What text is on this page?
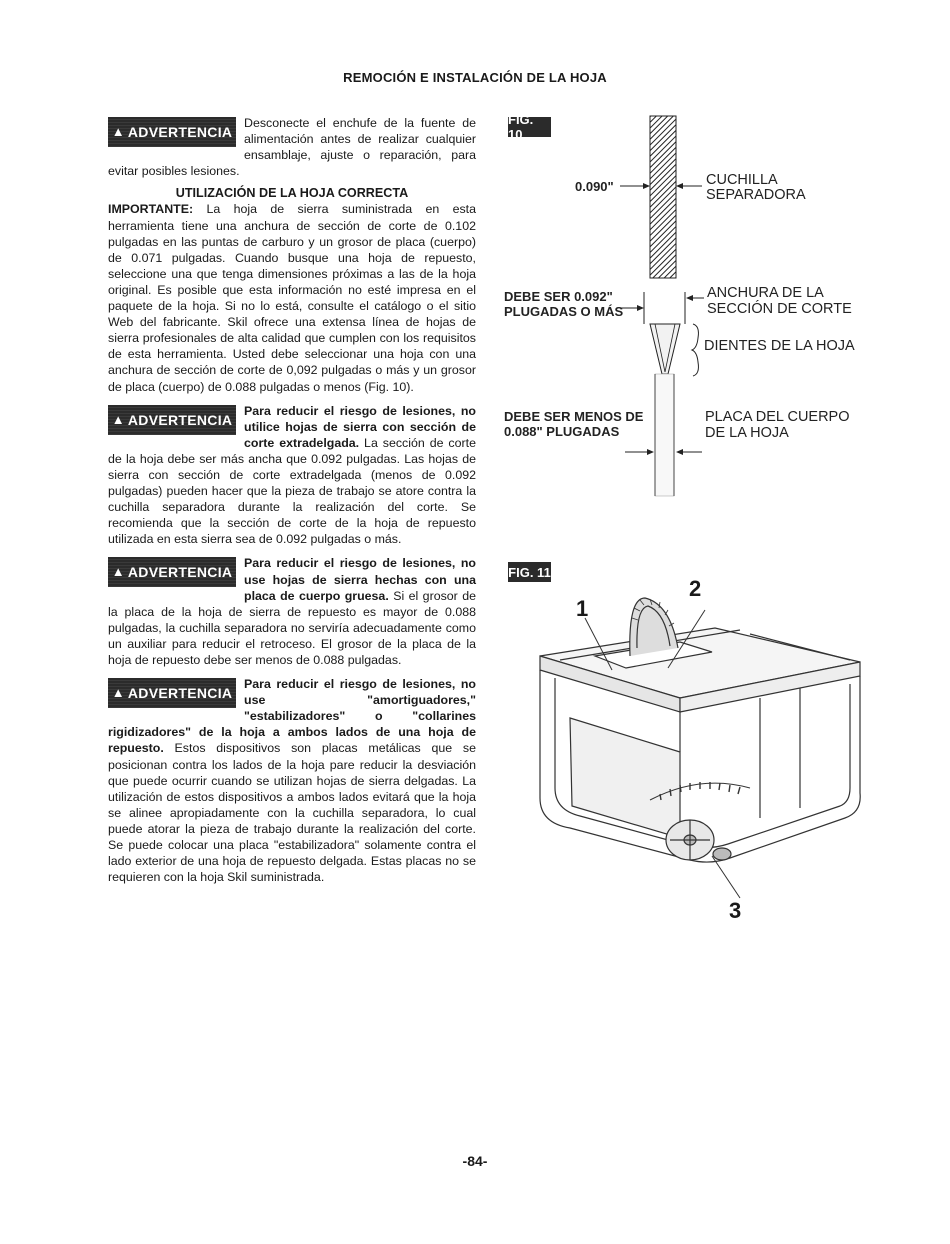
REMOCIÓN E INSTALACIÓN DE LA HOJA
▲ ADVERTENCIA
Desconecte el enchufe de la fuente de alimentación antes de realizar cualquier ensamblaje, ajuste o reparación, para evitar posibles lesiones.
UTILIZACIÓN DE LA HOJA CORRECTA

IMPORTANTE: La hoja de sierra suministrada en esta herramienta tiene una anchura de sección de corte de 0.102 pulgadas en las puntas de carburo y un grosor de placa (cuerpo) de 0.071 pulgadas. Cuando busque una hoja de repuesto, seleccione una que tenga dimensiones próximas a las de la hoja original. Es posible que esta información no esté impresa en el paquete de la hoja. Si no lo está, consulte el catálogo o el sitio Web del fabricante. Skil ofrece una extensa línea de hojas de sierra profesionales de alta calidad que cumplen con los requisitos de esta herramienta. Usted debe seleccionar una hoja con una anchura de sección de corte de 0,092 pulgadas o más y un grosor de placa (cuerpo) de 0.088 pulgadas o menos (Fig. 10).

▲ ADVERTENCIA
Para reducir el riesgo de lesiones, no utilice hojas de sierra con sección de corte extradelgada. La sección de corte de la hoja debe ser más ancha que 0.092 pulgadas. Las hojas de sierra con sección de corte extradelgada (menos de 0.092 pulgadas) pueden hacer que la pieza de trabajo se atore contra la cuchilla separadora durante la realización del corte. Se recomienda que la sección de corte de la hoja de repuesto utilizada en esta sierra sea de 0.092 pulgadas o más.
▲ ADVERTENCIA
Para reducir el riesgo de lesiones, no use hojas de sierra hechas con una placa de cuerpo gruesa. Si el grosor de la placa de la hoja de sierra de repuesto es mayor de 0.088 pulgadas, la cuchilla separadora no serviría adecuadamente como un auxiliar para reducir el retroceso. El grosor de la placa de la hoja de repuesto debe ser menos de 0.088 pulgadas.
▲ ADVERTENCIA
Para reducir el riesgo de lesiones, no use "amortiguadores," "estabilizadores" o "collarines rigidizadores" de la hoja a ambos lados de una hoja de repuesto. Estos dispositivos son placas metálicas que se posicionan contra los lados de la hoja pare reducir la desviación que puede ocurrir cuando se utilizan hojas de sierra delgadas. La utilización de estos dispositivos a ambos lados evitará que la hoja se alinee apropiadamente con la cuchilla separadora, lo cual puede atorar la pieza de trabajo durante la realización del corte. Se puede colocar una placa "estabilizadora" solamente contra el lado exterior de una hoja de repuesto delgada. Estas placas no se requieren con la hoja Skil suministrada.
FIG. 10
0.090"	CUCHILLA
SEPARADORA
DEBE SER 0.092"
PLUGADAS O MÁS
ANCHURA DE LA
SECCIÓN DE CORTE
DIENTES DE LA HOJA
DEBE SER MENOS DE
0.088" PLUGADAS
PLACA DEL CUERPO
DE LA HOJA
FIG. 11
1
2
3
-84-
